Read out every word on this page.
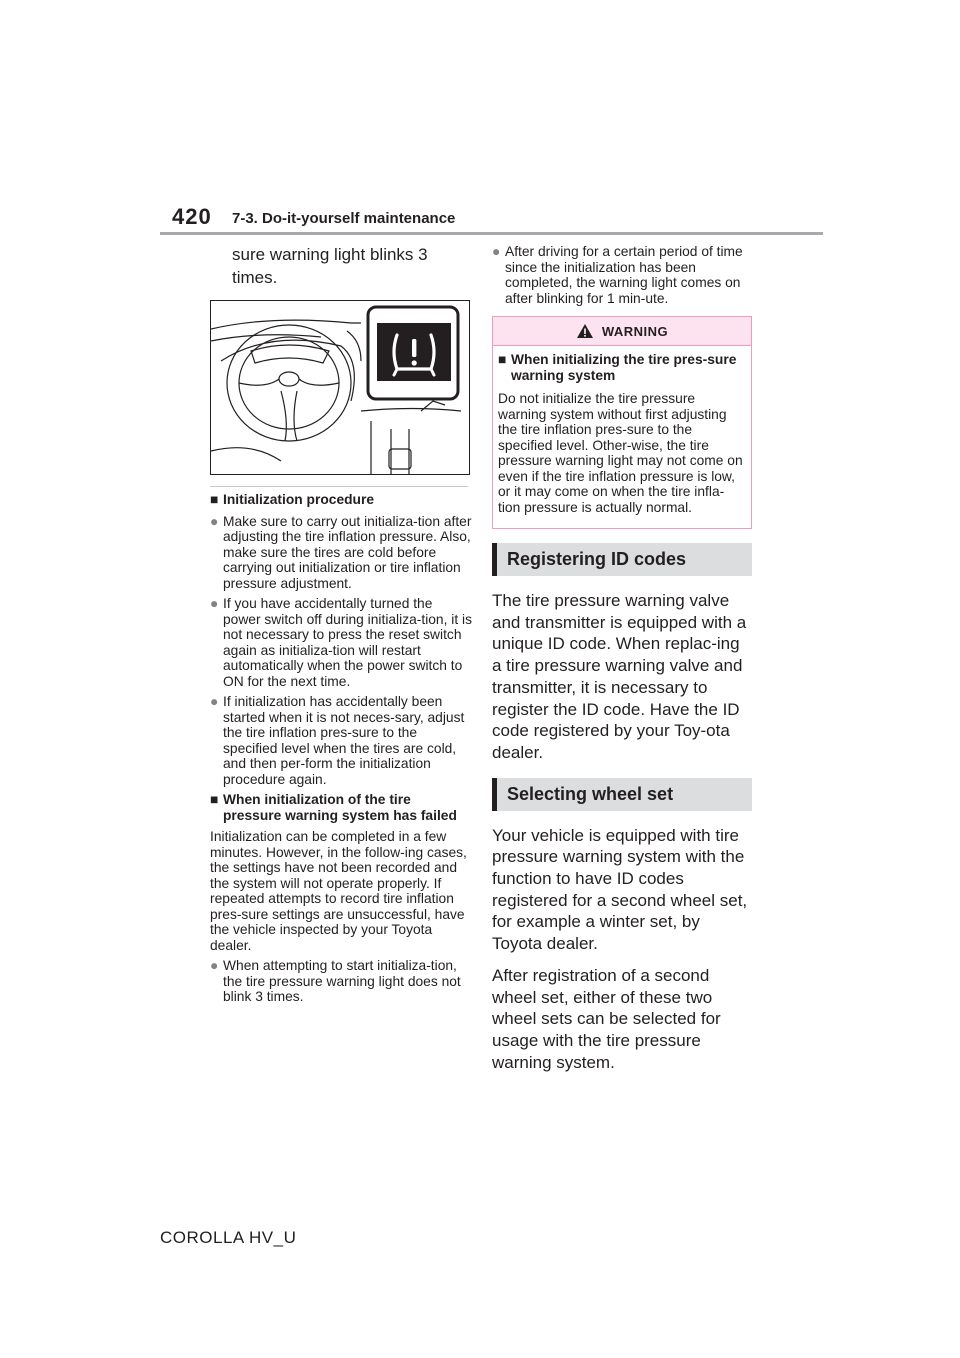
420 7-3. Do-it-yourself maintenance
sure warning light blinks 3 times.

■ Initialization procedure

● Make sure to carry out initializa-tion after adjusting the tire inflation pressure. Also, make sure the tires are cold before carrying out initialization or tire inflation pressure adjustment.

● If you have accidentally turned the power switch off during initializa-tion, it is not necessary to press the reset switch again as initializa-tion will restart automatically when the power switch to ON for the next time.

● If initialization has accidentally been started when it is not neces-sary, adjust the tire inflation pres-sure to the specified level when the tires are cold, and then per-form the initialization procedure again.

■ When initialization of the tire pressure warning system has failed

Initialization can be completed in a few minutes. However, in the follow-ing cases, the settings have not been recorded and the system will not operate properly. If repeated attempts to record tire inflation pres-sure settings are unsuccessful, have the vehicle inspected by your Toyota dealer.

● When attempting to start initializa-tion, the tire pressure warning light does not blink 3 times.

● After driving for a certain period of time since the initialization has been completed, the warning light comes on after blinking for 1 min-ute.

WARNING

■ When initializing the tire pres-sure warning system

Do not initialize the tire pressure warning system without first adjusting the tire inflation pres-sure to the specified level. Other-wise, the tire pressure warning light may not come on even if the tire inflation pressure is low, or it may come on when the tire infla-tion pressure is actually normal.

Registering ID codes

The tire pressure warning valve and transmitter is equipped with a unique ID code. When replac-ing a tire pressure warning valve and transmitter, it is necessary to register the ID code. Have the ID code registered by your Toy-ota dealer.

Selecting wheel set

Your vehicle is equipped with tire pressure warning system with the function to have ID codes registered for a second wheel set, for example a winter set, by Toyota dealer.

After registration of a second wheel set, either of these two wheel sets can be selected for usage with the tire pressure warning system.

COROLLA HV_U
